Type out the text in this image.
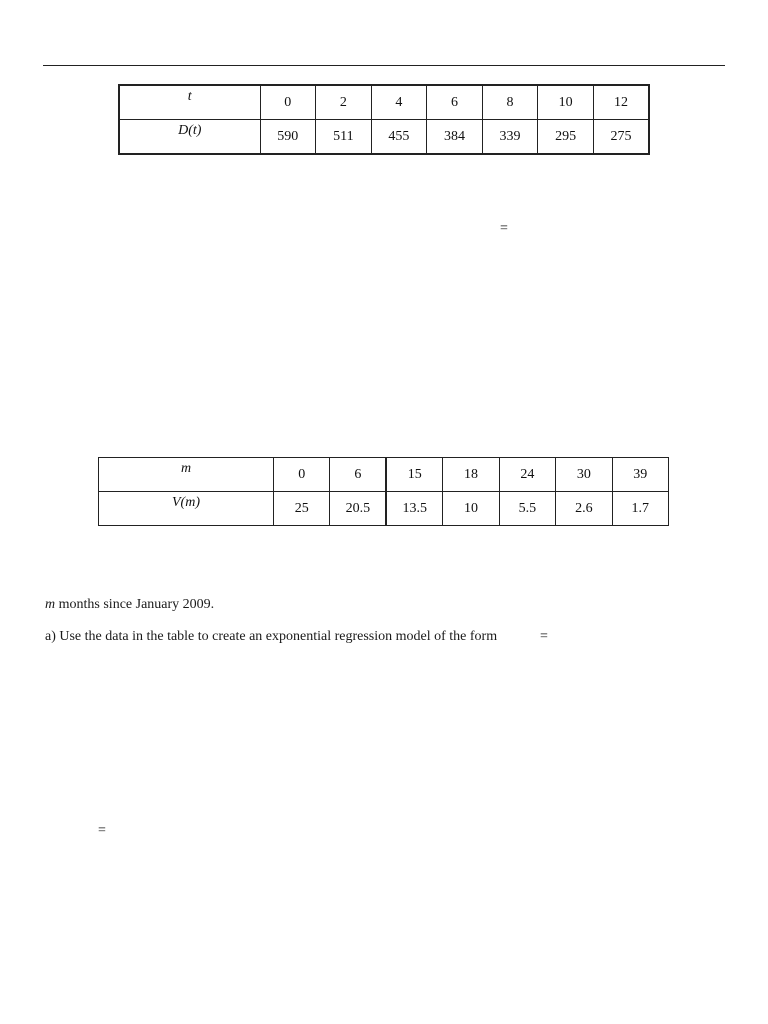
t	0	2	4	6	8	10	12
D(t)	590	511	455	384	339	295	275
=
m	0	6	15	18	24	30	39
V(m)	25	20.5	13.5	10	5.5	2.6	1.7
m months since January 2009.
a) Use the data in the table to create an exponential regression model of the form	=
=
